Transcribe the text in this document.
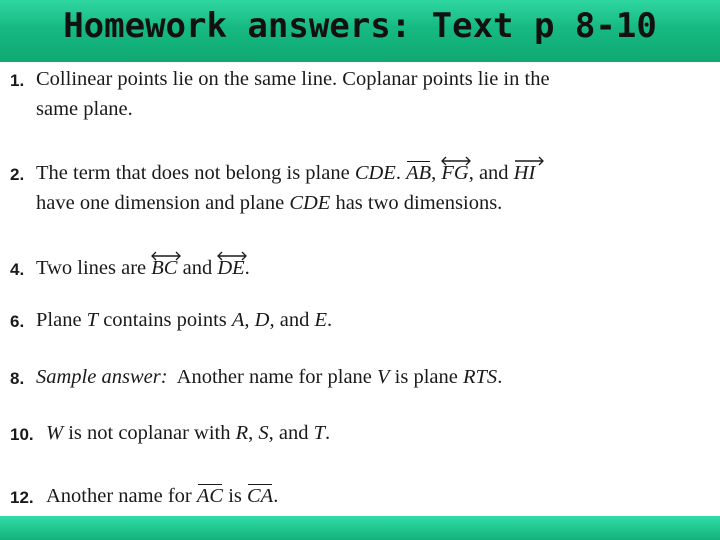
Homework answers: Text p 8-10
1. Collinear points lie on the same line. Coplanar points lie in the
same plane.
2. The term that does not belong is plane CDE.
AB,
FG, and
HI
have one dimension and plane CDE has two dimensions.
4. Two lines are
BC and
DE.
6. Plane T contains points A, D, and E.
8. Sample answer:  Another name for plane V is plane RTS.
10. W is not coplanar with R, S, and T.
12. Another name for
AC is
CA.
